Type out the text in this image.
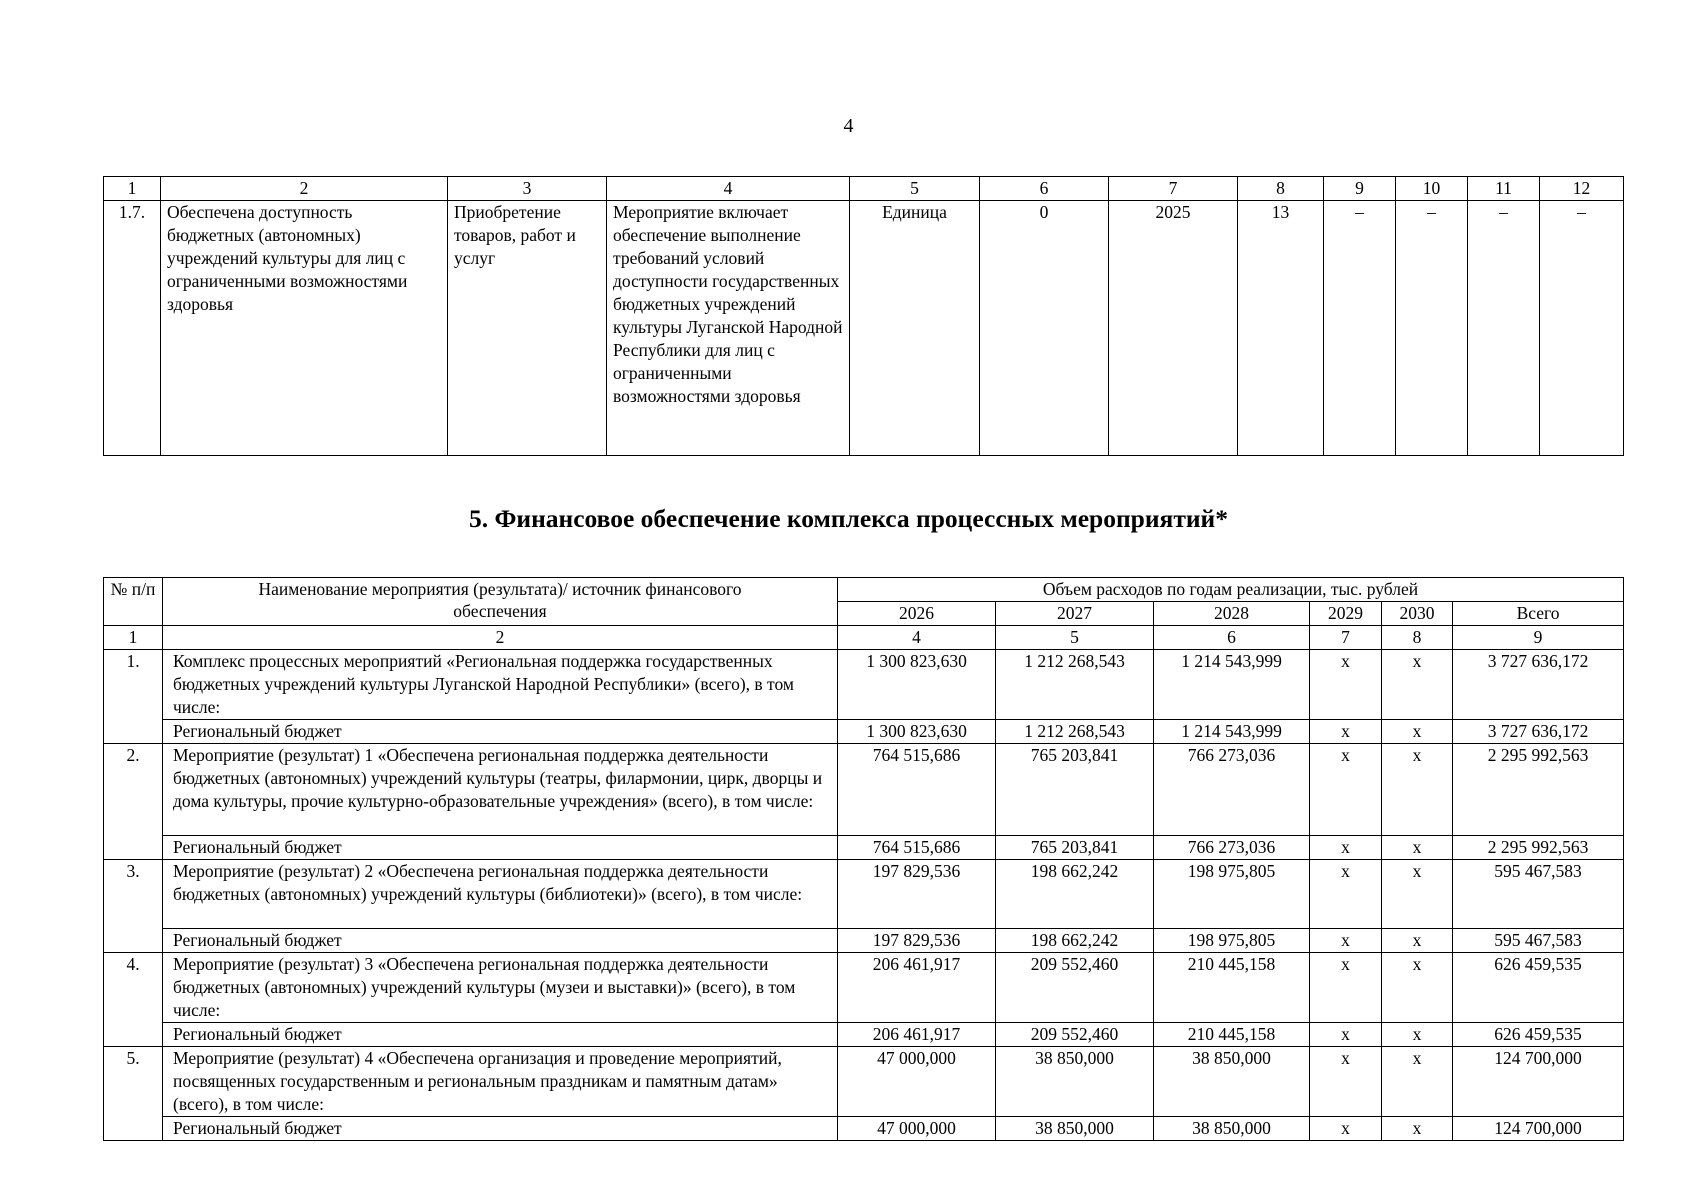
4
1	2	3	4	5	6	7	8	9	10	11	12
1.7.	Обеспечена доступность бюджетных (автономных) учреждений культуры для лиц с ограниченными возможностями здоровья	Приобретение товаров, работ и услуг	Мероприятие включает обеспечение выполнение требований условий доступности государственных бюджетных учреждений культуры Луганской Народной Республики для лиц с ограниченными возможностями здоровья	Единица	0	2025	13	–	–	–	–
5. Финансовое обеспечение комплекса процессных мероприятий*
№ п/п	Наименование мероприятия (результата)/ источник финансового обеспечения	Объем расходов по годам реализации, тыс. рублей					
		2026	2027	2028	2029	2030	Всего
1	2	4	5	6	7	8	9
1.	Комплекс процессных мероприятий «Региональная поддержка государственных бюджетных учреждений культуры Луганской Народной Республики» (всего), в том числе:	1 300 823,630	1 212 268,543	1 214 543,999	x	x	3 727 636,172
	Региональный бюджет	1 300 823,630	1 212 268,543	1 214 543,999	x	x	3 727 636,172
2.	Мероприятие (результат) 1 «Обеспечена региональная поддержка деятельности бюджетных (автономных) учреждений культуры (театры, филармонии, цирк, дворцы и дома культуры, прочие культурно-образовательные учреждения» (всего), в том числе:	764 515,686	765 203,841	766 273,036	x	x	2 295 992,563
	Региональный бюджет	764 515,686	765 203,841	766 273,036	x	x	2 295 992,563
3.	Мероприятие (результат) 2 «Обеспечена региональная поддержка деятельности бюджетных (автономных) учреждений культуры (библиотеки)» (всего), в том числе:	197 829,536	198 662,242	198 975,805	x	x	595 467,583
	Региональный бюджет	197 829,536	198 662,242	198 975,805	x	x	595 467,583
4.	Мероприятие (результат) 3 «Обеспечена региональная поддержка деятельности бюджетных (автономных) учреждений культуры (музеи и выставки)» (всего), в том числе:	206 461,917	209 552,460	210 445,158	x	x	626 459,535
	Региональный бюджет	206 461,917	209 552,460	210 445,158	x	x	626 459,535
5.	Мероприятие (результат) 4 «Обеспечена организация и проведение мероприятий, посвященных государственным и региональным праздникам и памятным датам» (всего), в том числе:	47 000,000	38 850,000	38 850,000	x	x	124 700,000
	Региональный бюджет	47 000,000	38 850,000	38 850,000	x	x	124 700,000
